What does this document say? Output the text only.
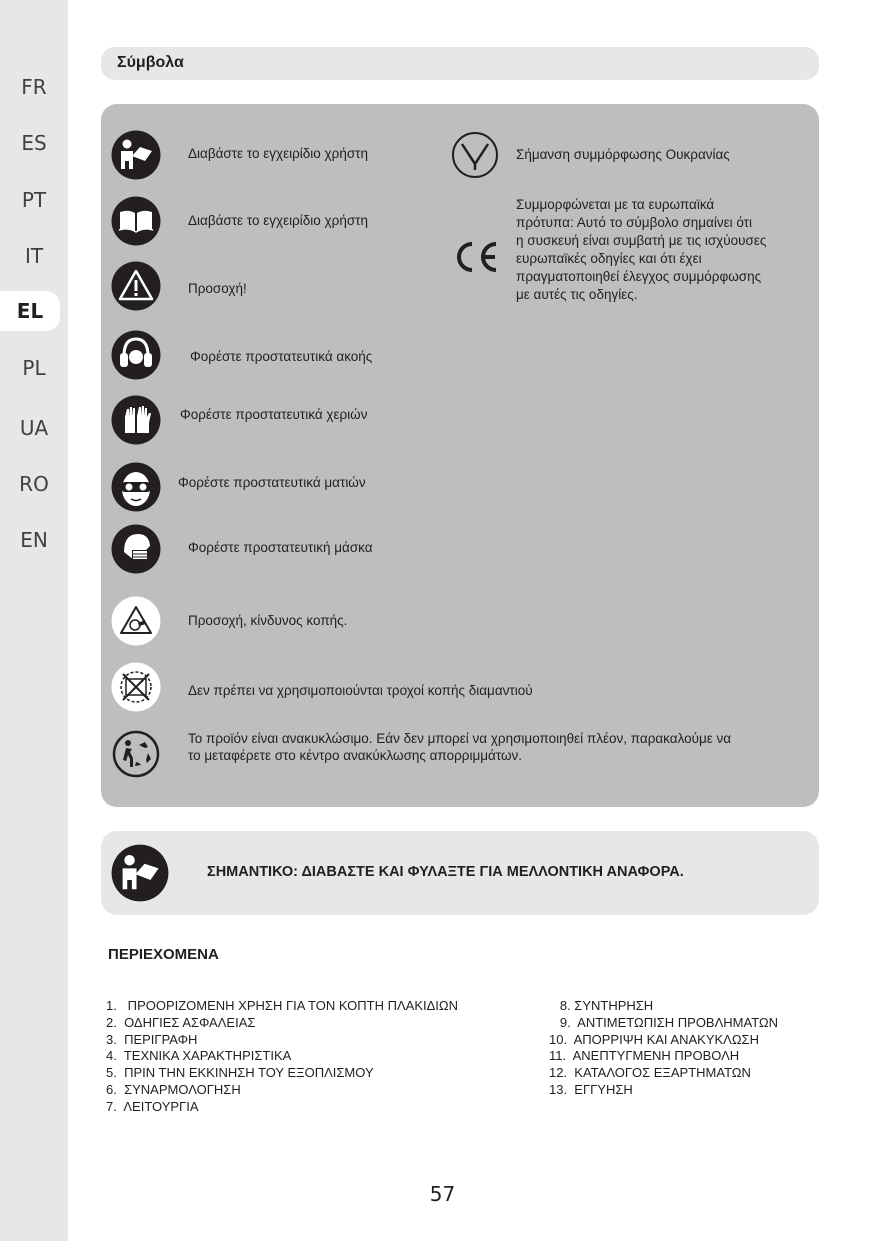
FR
ES
PT
IT
EL
PL
UA
RO
EN
Σύμβολα
Διαβάστε το εγχειρίδιο χρήστη
Διαβάστε το εγχειρίδιο χρήστη
Προσοχή!
Φορέστε προστατευτικά ακοής
Φορέστε προστατευτικά χεριών
Φορέστε προστατευτικά ματιών
Φορέστε προστατευτική μάσκα
Προσοχή, κίνδυνος κοπής.
Δεν πρέπει να χρησιμοποιούνται τροχοί κοπής διαμαντιού
Το προϊόν είναι ανακυκλώσιμο. Εάν δεν μπορεί να χρησιμοποιηθεί πλέον, παρακαλούμε να
το μεταφέρετε στο κέντρο ανακύκλωσης απορριμμάτων.
Σήμανση συμμόρφωσης Ουκρανίας
Συμμορφώνεται με τα ευρωπαϊκά
πρότυπα: Αυτό το σύμβολο σημαίνει ότι
η συσκευή είναι συμβατή με τις ισχύουσες
ευρωπαϊκές οδηγίες και ότι έχει
πραγματοποιηθεί έλεγχος συμμόρφωσης
με αυτές τις οδηγίες.
ΣΗΜΑΝΤΙΚΟ: ΔΙΑΒΑΣΤΕ ΚΑΙ ΦΥΛΑΞΤΕ ΓΙΑ ΜΕΛΛΟΝΤΙΚΗ ΑΝΑΦΟΡΑ.
ΠΕΡΙΕΧΟΜΕΝΑ
1.   ΠΡΟΟΡΙΖΟΜΕΝΗ ΧΡΗΣΗ ΓΙΑ ΤΟΝ ΚΟΠΤΗ ΠΛΑΚΙΔΙΩΝ
2.  ΟΔΗΓΙΕΣ ΑΣΦΑΛΕΙΑΣ
3.  ΠΕΡΙΓΡΑΦΗ
4.  ΤΕΧΝΙΚΑ ΧΑΡΑΚΤΗΡΙΣΤΙΚΑ
5.  ΠΡΙΝ ΤΗΝ ΕΚΚΙΝΗΣΗ ΤΟΥ ΕΞΟΠΛΙΣΜΟΥ
6.  ΣΥΝΑΡΜΟΛΟΓΗΣΗ
7.  ΛΕΙΤΟΥΡΓΙΑ
8. ΣΥΝΤΗΡΗΣΗ
9.  ΑΝΤΙΜΕΤΩΠΙΣΗ ΠΡΟΒΛΗΜΑΤΩΝ
10.  ΑΠΟΡΡΙΨΗ ΚΑΙ ΑΝΑΚΥΚΛΩΣΗ
11.  ΑΝΕΠΤΥΓΜΕΝΗ ΠΡΟΒΟΛΗ
12.  ΚΑΤΑΛΟΓΟΣ ΕΞΑΡΤΗΜΑΤΩΝ
13.  ΕΓΓΥΗΣΗ
57
